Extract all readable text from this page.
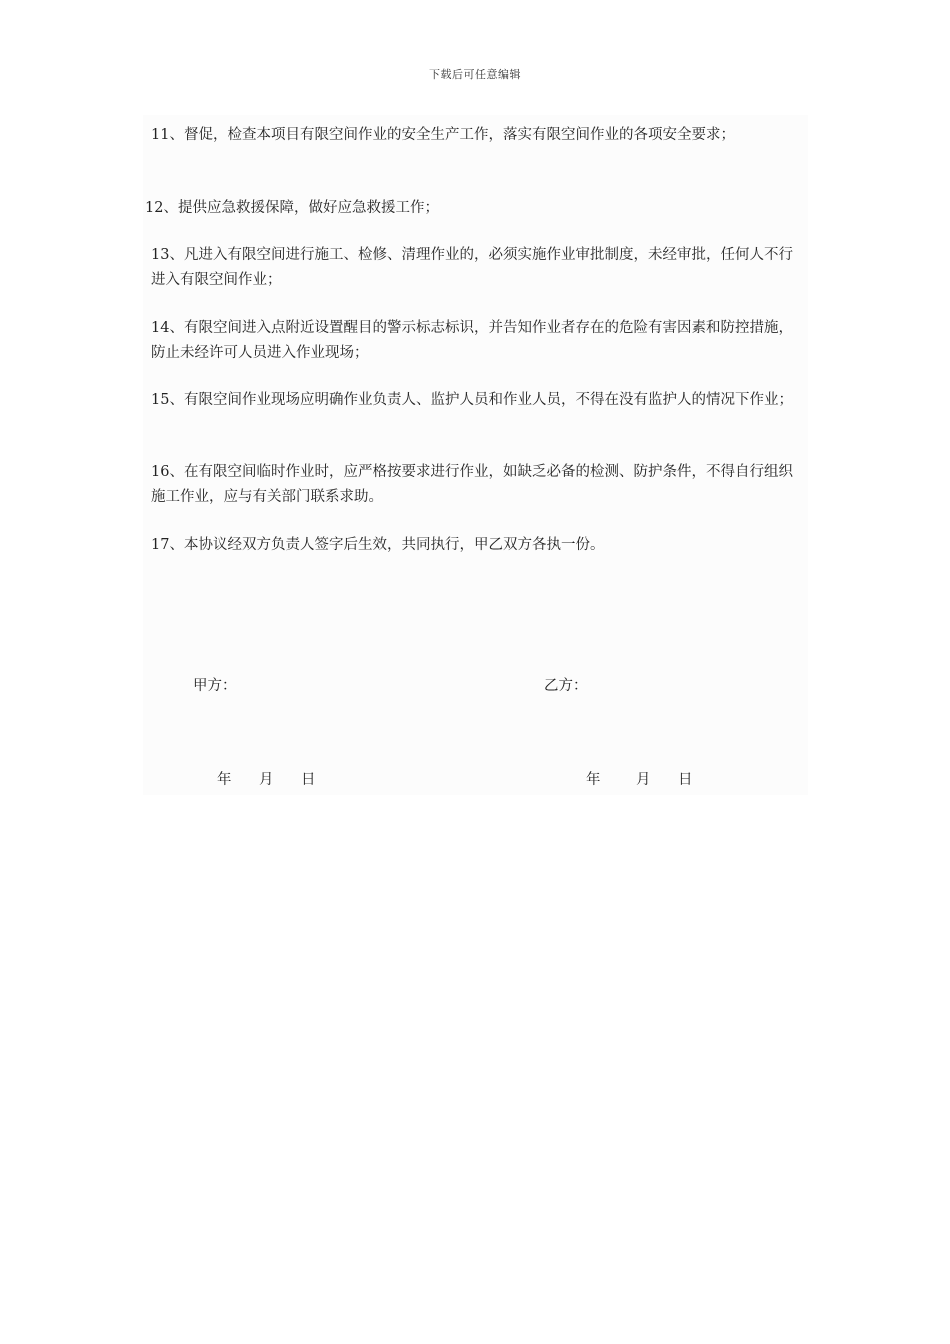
下载后可任意编辑

11、督促，检查本项目有限空间作业的安全生产工作，落实有限空间作业的各项安全要求；

12、提供应急救援保障，做好应急救援工作；

13、凡进入有限空间进行施工、检修、清理作业的，必须实施作业审批制度，未经审批，任何人不行进入有限空间作业；

14、有限空间进入点附近设置醒目的警示标志标识，并告知作业者存在的危险有害因素和防控措施，防止未经许可人员进入作业现场；

15、有限空间作业现场应明确作业负责人、监护人员和作业人员，不得在没有监护人的情况下作业；

16、在有限空间临时作业时，应严格按要求进行作业，如缺乏必备的检测、防护条件，不得自行组织施工作业，应与有关部门联系求助。

17、本协议经双方负责人签字后生效，共同执行，甲乙双方各执一份。

甲方：	乙方：
年 月 日	年 月 日
